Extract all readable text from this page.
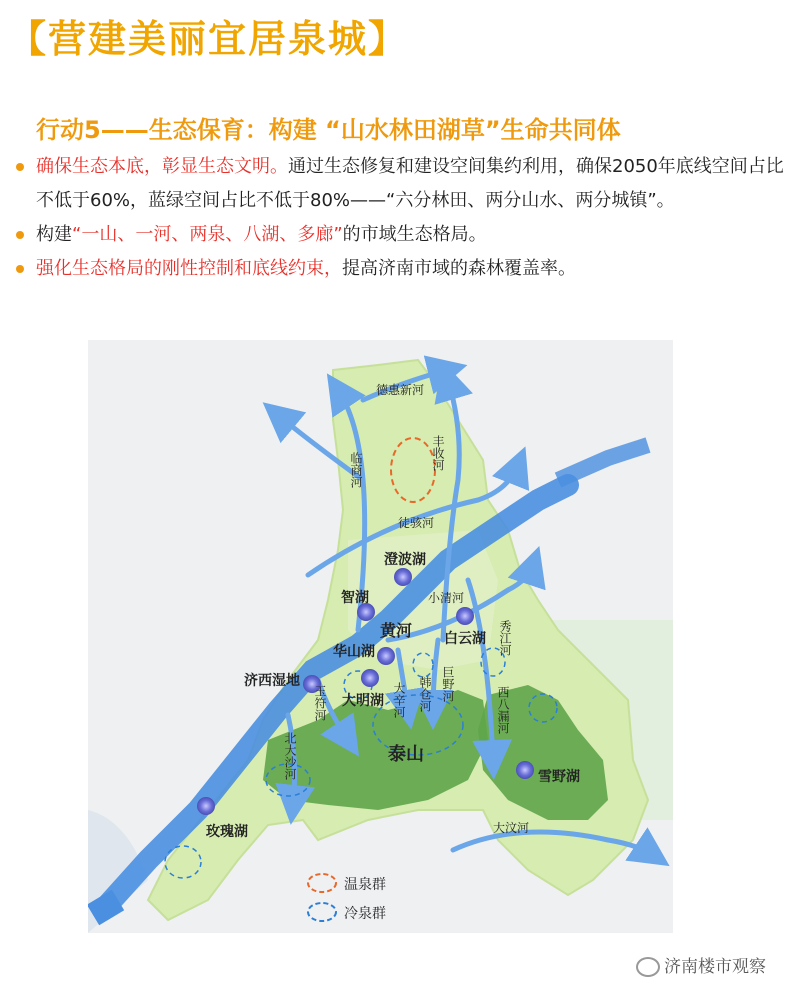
【营建美丽宜居泉城】
行动5——生态保育：构建 “山水林田湖草”生命共同体
确保生态本底，彰显生态文明。通过生态修复和建设空间集约利用，确保2050年底线空间占比不低于60%，蓝绿空间占比不低于80%——“六分林田、两分山水、两分城镇”。
构建“一山、一河、两泉、八湖、多廊”的市域生态格局。
强化生态格局的刚性控制和底线约束，提高济南市域的森林覆盖率。
德惠新河
丰收河
临商河
徒骇河
澄波湖
智湖	小清河
黄河 白云湖 秀江河
华山湖
济西湿地
大明湖
玉符河	大辛河 韩仓河 巨野河
西八漏河
北大沙河	泰山
雪野湖
玫瑰湖	大汶河
温泉群
冷泉群
济南楼市观察
